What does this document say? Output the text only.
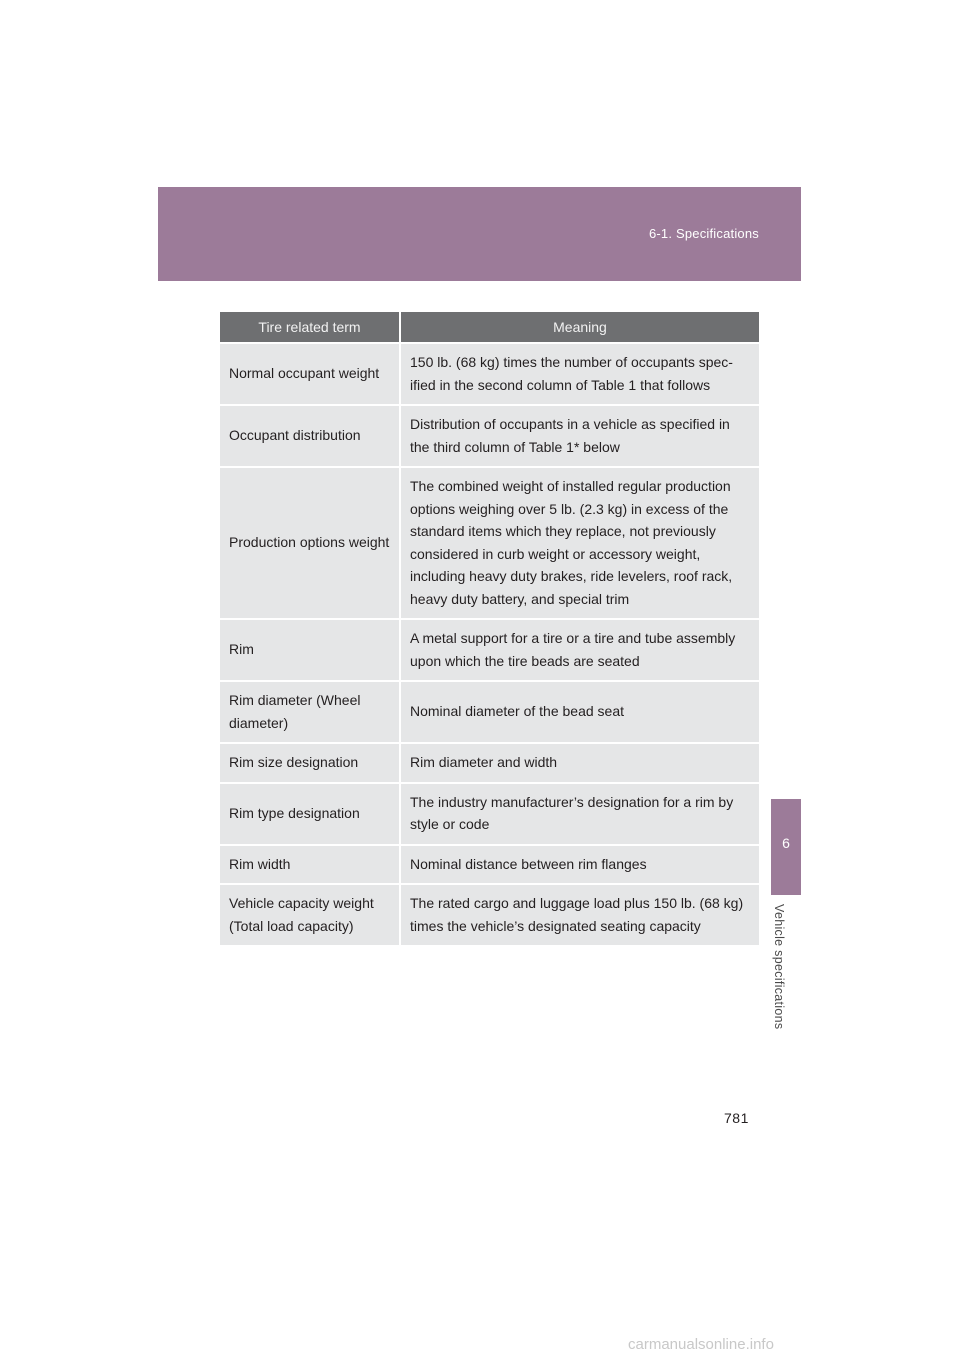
6-1. Specifications
6
Vehicle specifications
Tire related term	Meaning
Normal occupant weight	150 lb. (68 kg) times the number of occupants spec-ified in the second column of Table 1 that follows
Occupant distribution	Distribution of occupants in a vehicle as specified in the third column of Table 1* below
Production options weight	The combined weight of installed regular production options weighing over 5 lb. (2.3 kg) in excess of the standard items which they replace, not previously considered in curb weight or accessory weight, including heavy duty brakes, ride levelers, roof rack, heavy duty battery, and special trim
Rim	A metal support for a tire or a tire and tube assembly upon which the tire beads are seated
Rim diameter (Wheel diameter)	Nominal diameter of the bead seat
Rim size designation	Rim diameter and width
Rim type designation	The industry manufacturer’s designation for a rim by style or code
Rim width	Nominal distance between rim flanges
Vehicle capacity weight (Total load capacity)	The rated cargo and luggage load plus 150 lb. (68 kg) times the vehicle’s designated seating capacity
781
carmanualsonline.info
